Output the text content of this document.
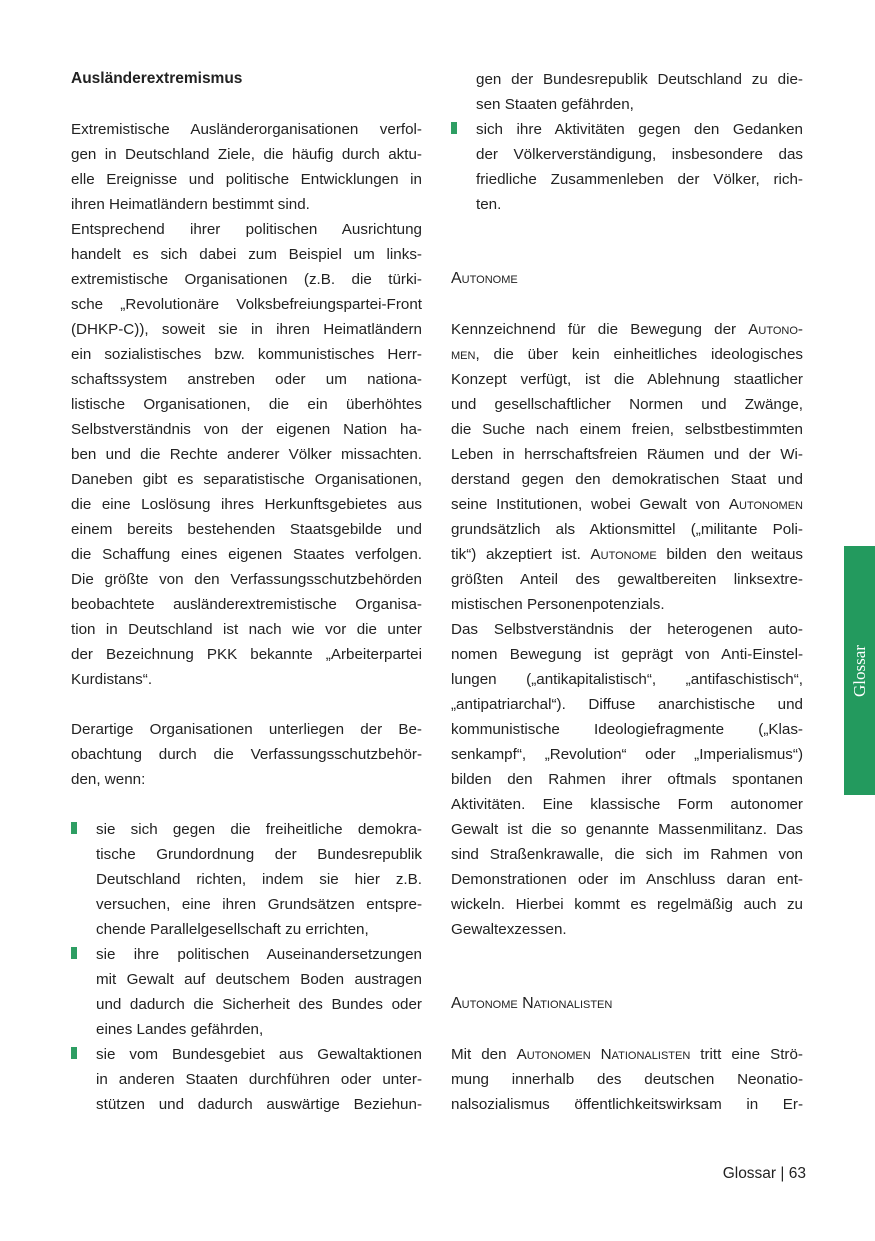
Ausländerextremismus
Extremistische Ausländerorganisationen verfol-
gen in Deutschland Ziele, die häufig durch aktu-
elle Ereignisse und politische Entwicklungen in
ihren Heimatländern bestimmt sind.
Entsprechend ihrer politischen Ausrichtung
handelt es sich dabei zum Beispiel um links-
extremistische Organisationen (z.B. die türki-
sche „Revolutionäre Volksbefreiungspartei-Front
(DHKP-C)), soweit sie in ihren Heimatländern
ein sozialistisches bzw. kommunistisches Herr-
schaftssystem anstreben oder um nationa-
listische Organisationen, die ein überhöhtes
Selbstverständnis von der eigenen Nation ha-
ben und die Rechte anderer Völker missachten.
Daneben gibt es separatistische Organisationen,
die eine Loslösung ihres Herkunftsgebietes aus
einem bereits bestehenden Staatsgebilde und
die Schaffung eines eigenen Staates verfolgen.
Die größte von den Verfassungsschutzbehörden
beobachtete ausländerextremistische Organisa-
tion in Deutschland ist nach wie vor die unter
der Bezeichnung PKK bekannte „Arbeiterpartei
Kurdistans“.
Derartige Organisationen unterliegen der Be-
obachtung durch die Verfassungsschutzbehör-
den, wenn:
sie sich gegen die freiheitliche demokra-
tische Grundordnung der Bundesrepublik
Deutschland richten, indem sie hier z.B.
versuchen, eine ihren Grundsätzen entspre-
chende Parallelgesellschaft zu errichten,
sie ihre politischen Auseinandersetzungen
mit Gewalt auf deutschem Boden austragen
und dadurch die Sicherheit des Bundes oder
eines Landes gefährden,
sie vom Bundesgebiet aus Gewaltaktionen
in anderen Staaten durchführen oder unter-
stützen und dadurch auswärtige Beziehun-
gen der Bundesrepublik Deutschland zu die-
sen Staaten gefährden,
sich ihre Aktivitäten gegen den Gedanken
der Völkerverständigung, insbesondere das
friedliche Zusammenleben der Völker, rich-
ten.
Autonome
Kennzeichnend für die Bewegung der Autono-
men, die über kein einheitliches ideologisches
Konzept verfügt, ist die Ablehnung staatlicher
und gesellschaftlicher Normen und Zwänge,
die Suche nach einem freien, selbstbestimmten
Leben in herrschaftsfreien Räumen und der Wi-
derstand gegen den demokratischen Staat und
seine Institutionen, wobei Gewalt von Autonomen
grundsätzlich als Aktionsmittel („militante Poli-
tik“) akzeptiert ist. Autonome bilden den weitaus
größten Anteil des gewaltbereiten linksextre-
mistischen Personenpotenzials.
Das Selbstverständnis der heterogenen auto-
nomen Bewegung ist geprägt von Anti-Einstel-
lungen („antikapitalistisch“, „antifaschistisch“,
„antipatriarchal“). Diffuse anarchistische und
kommunistische Ideologiefragmente („Klas-
senkampf“, „Revolution“ oder „Imperialismus“)
bilden den Rahmen ihrer oftmals spontanen
Aktivitäten. Eine klassische Form autonomer
Gewalt ist die so genannte Massenmilitanz. Das
sind Straßenkrawalle, die sich im Rahmen von
Demonstrationen oder im Anschluss daran ent-
wickeln. Hierbei kommt es regelmäßig auch zu
Gewaltexzessen.
Autonome Nationalisten
Mit den Autonomen Nationalisten tritt eine Strö-
mung innerhalb des deutschen Neonatio-
nalsozialismus öffentlichkeitswirksam in Er-
Glossar
Glossar | 63
